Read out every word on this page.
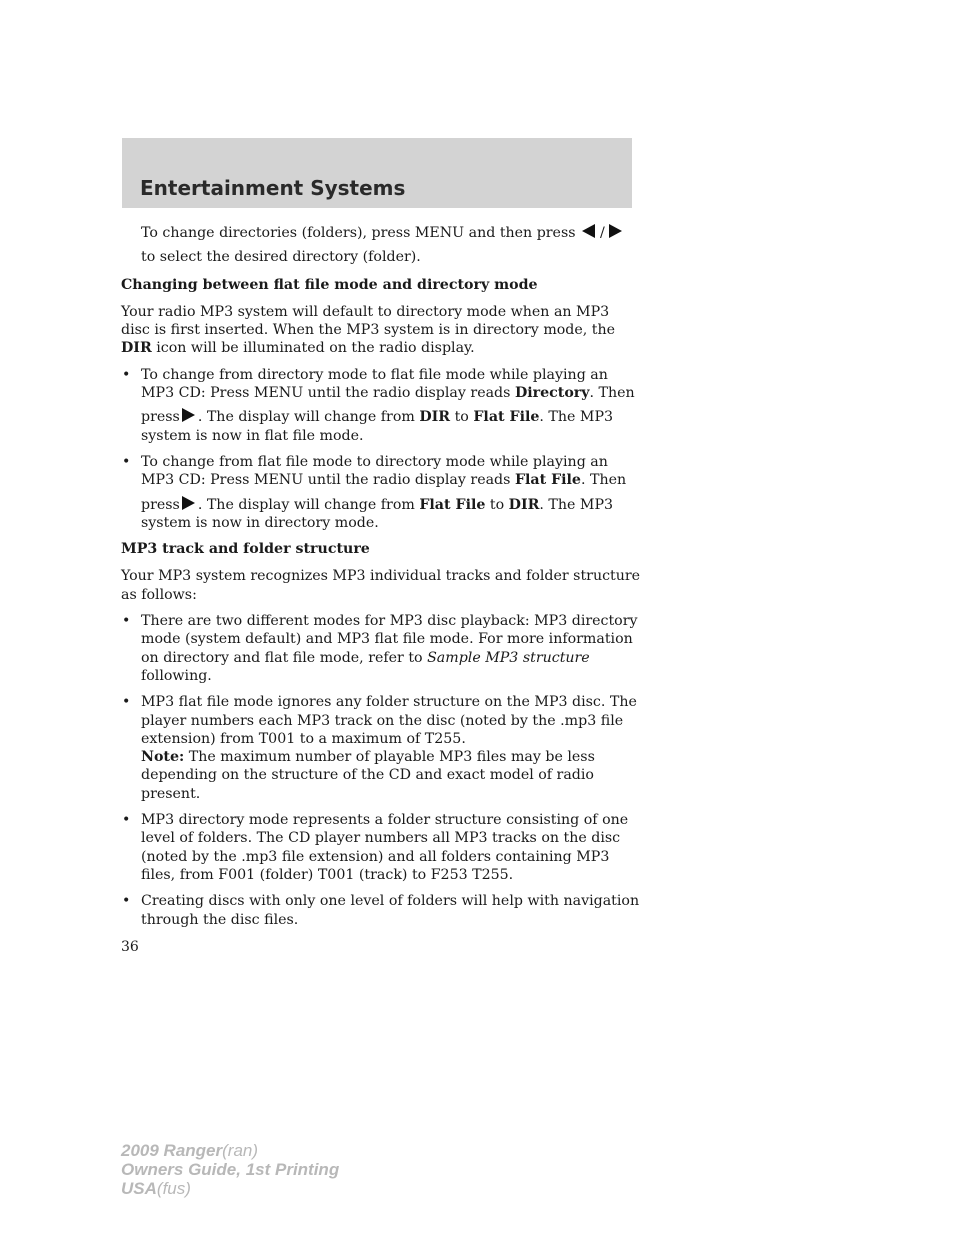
Entertainment Systems

To change directories (folders), press MENU and then press /
to select the desired directory (folder).

Changing between flat file mode and directory mode

Your radio MP3 system will default to directory mode when an MP3 disc is first inserted. When the MP3 system is in directory mode, the DIR icon will be illuminated on the radio display.

• To change from directory mode to flat file mode while playing an MP3 CD: Press MENU until the radio display reads Directory. Then
press . The display will change from DIR to Flat File. The MP3 system is now in flat file mode.
• To change from flat file mode to directory mode while playing an MP3 CD: Press MENU until the radio display reads Flat File. Then
press . The display will change from Flat File to DIR. The MP3 system is now in directory mode.

MP3 track and folder structure

Your MP3 system recognizes MP3 individual tracks and folder structure as follows:

• There are two different modes for MP3 disc playback: MP3 directory mode (system default) and MP3 flat file mode. For more information on directory and flat file mode, refer to Sample MP3 structure
following.
• MP3 flat file mode ignores any folder structure on the MP3 disc. The player numbers each MP3 track on the disc (noted by the .mp3 file extension) from T001 to a maximum of T255.
Note: The maximum number of playable MP3 files may be less depending on the structure of the CD and exact model of radio present.
• MP3 directory mode represents a folder structure consisting of one level of folders. The CD player numbers all MP3 tracks on the disc (noted by the .mp3 file extension) and all folders containing MP3 files, from F001 (folder) T001 (track) to F253 T255.
• Creating discs with only one level of folders will help with navigation through the disc files.

36

2009 Ranger(ran)

Owners Guide, 1st Printing

USA(fus)
